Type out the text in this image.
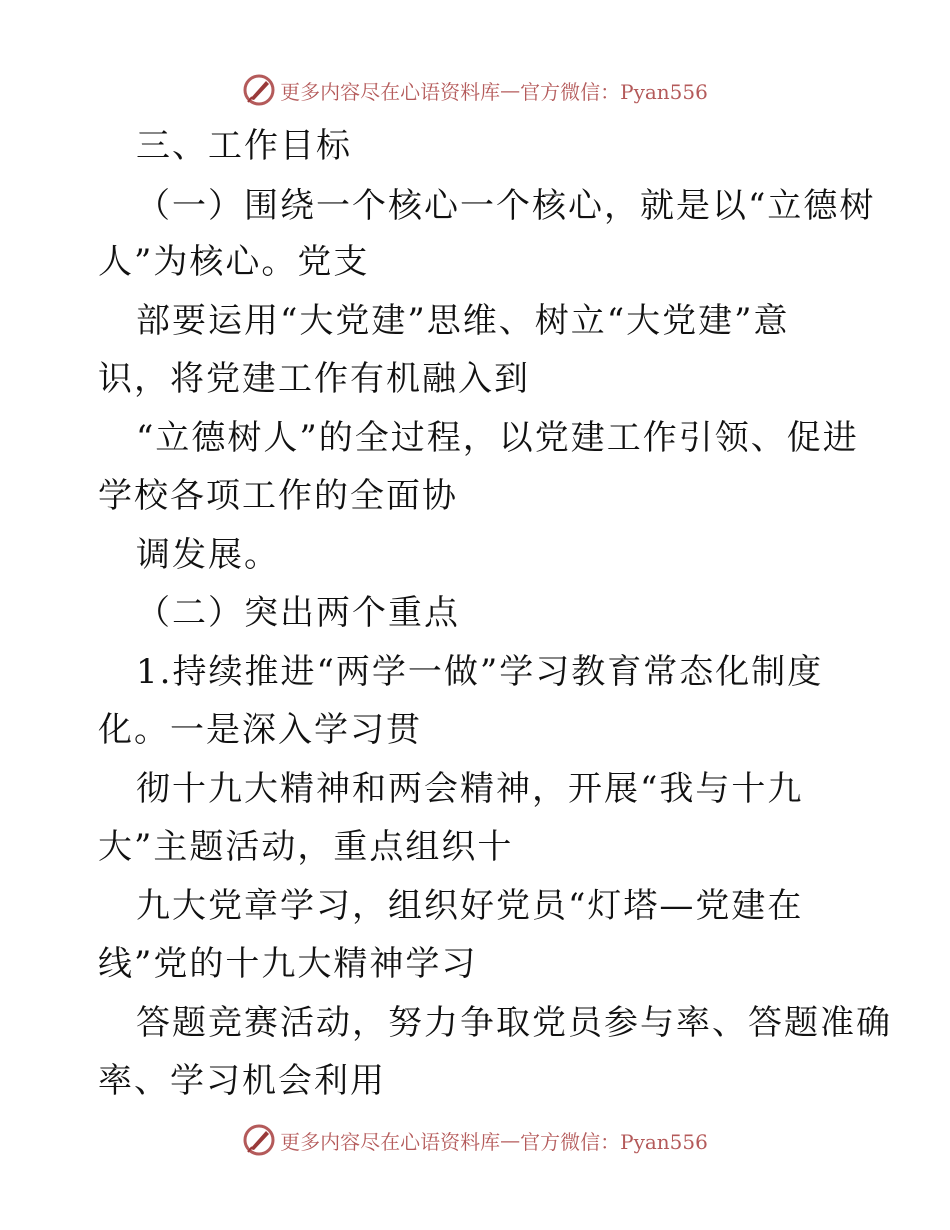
更多内容尽在心语资料库 — 官方微信：Pyan556
三、工作目标
（一）围绕一个核心一个核心，就是以“立德树
人”为核心。党支
部要运用“大党建”思维、树立“大党建”意
识，将党建工作有机融入到
“立德树人”的全过程，以党建工作引领、促进
学校各项工作的全面协
调发展。
（二）突出两个重点
1.持续推进“两学一做”学习教育常态化制度
化。一是深入学习贯
彻十九大精神和两会精神，开展“我与十九
大”主题活动，重点组织十
九大党章学习，组织好党员“灯塔—党建在
线”党的十九大精神学习
答题竞赛活动，努力争取党员参与率、答题准确
率、学习机会利用
更多内容尽在心语资料库 — 官方微信：Pyan556
